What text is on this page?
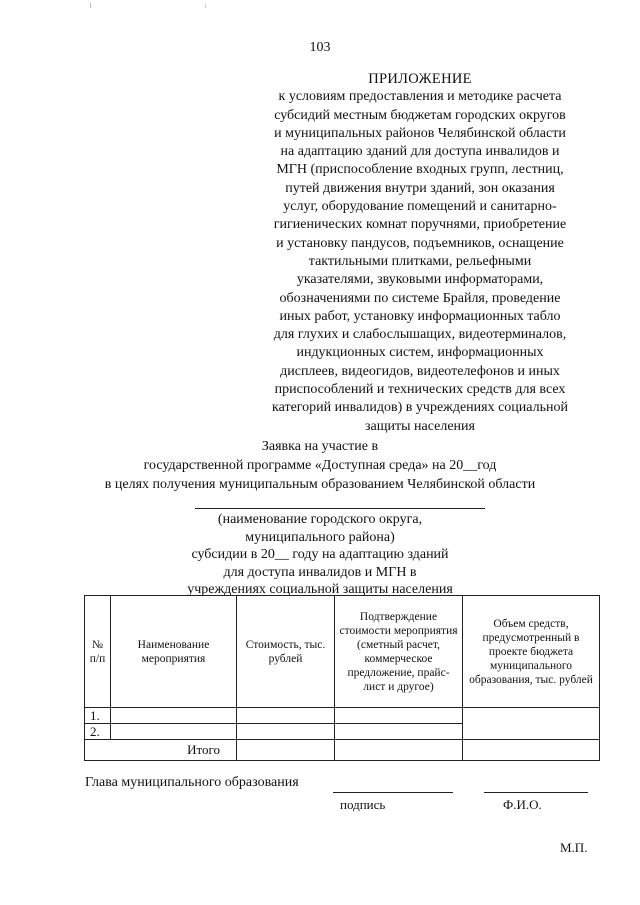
103
ПРИЛОЖЕНИЕ
к условиям предоставления и методике расчета
субсидий местным бюджетам городских округов
и муниципальных районов Челябинской области
на адаптацию зданий для доступа инвалидов и
МГН (приспособление входных групп, лестниц,
путей движения внутри зданий, зон оказания
услуг, оборудование помещений и санитарно-
гигиенических комнат поручнями, приобретение
и установку пандусов, подъемников, оснащение
тактильными плитками, рельефными
указателями, звуковыми информаторами,
обозначениями по системе Брайля, проведение
иных работ, установку информационных табло
для глухих и слабослышащих, видеотерминалов,
индукционных систем, информационных
дисплеев, видеогидов, видеотелефонов и иных
приспособлений и технических средств для всех
категорий инвалидов) в учреждениях социальной
защиты населения
Заявка на участие в
государственной программе «Доступная среда» на 20__год
в целях получения муниципальным образованием Челябинской области
(наименование городского округа,
муниципального района)
субсидии в 20__ году на адаптацию зданий
для доступа инвалидов и МГН в
учреждениях социальной защиты населения
№ п/п	Наименование мероприятия	Стоимость, тыс. рублей	Подтверждение стоимости мероприятия (сметный расчет, коммерческое предложение, прайс-лист и другое)	Объем средств, предусмотренный в проекте бюджета муниципального образования, тыс. рублей
1.				
2.				
Итого				
Глава муниципального образования
подпись	Ф.И.О.
М.П.
